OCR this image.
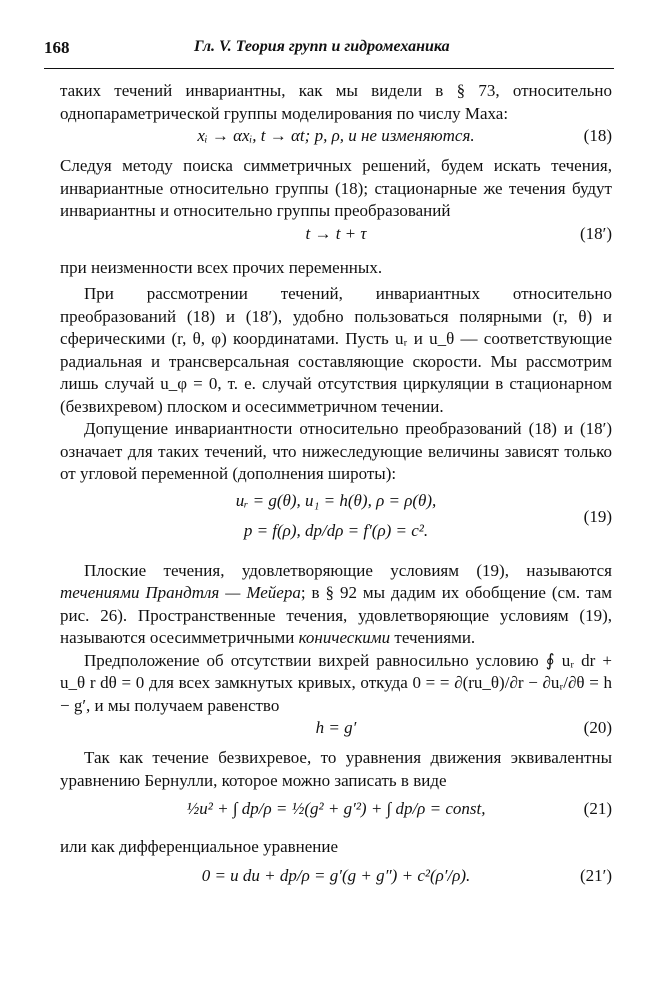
168	Гл. V. Теория групп и гидромеханика

таких течений инвариантны, как мы видели в § 73, относительно однопараметрической группы моделирования по числу Маха:

xᵢ → αxᵢ, t → αt; p, ρ, u не изменяются.	(18)

Следуя методу поиска симметричных решений, будем искать течения, инвариантные относительно группы (18); стационарные же течения будут инвариантны и относительно группы преобразований

t → t + τ	(18′)

при неизменности всех прочих переменных.

При рассмотрении течений, инвариантных относительно преобразований (18) и (18′), удобно пользоваться полярными (r, θ) и сферическими (r, θ, φ) координатами. Пусть uᵣ и u_θ — соответствующие радиальная и трансверсальная составляющие скорости. Мы рассмотрим лишь случай u_φ = 0, т. е. случай отсутствия циркуляции в стационарном (безвихревом) плоском и осесимметричном течении.

Допущение инвариантности относительно преобразований (18) и (18′) означает для таких течений, что нижеследующие величины зависят только от угловой переменной (дополнения широты):

uᵣ = g(θ), u₁ = h(θ), ρ = ρ(θ),
p = f(ρ), dp/dρ = f′(ρ) = c².
(19)

Плоские течения, удовлетворяющие условиям (19), называются течениями Прандтля — Мейера; в § 92 мы дадим их обобщение (см. там рис. 26). Пространственные течения, удовлетворяющие условиям (19), называются осесимметричными коническими течениями.

Предположение об отсутствии вихрей равносильно условию ∮ uᵣ dr + u_θ r dθ = 0 для всех замкнутых кривых, откуда 0 = = ∂(ru_θ)/∂r − ∂uᵣ/∂θ = h − g′, и мы получаем равенство

h = g′	(20)

Так как течение безвихревое, то уравнения движения эквивалентны уравнению Бернулли, которое можно записать в виде

½u² + ∫ dp/ρ = ½(g² + g′²) + ∫ dp/ρ = const,	(21)

или как дифференциальное уравнение

0 = u du + dp/ρ = g′(g + g″) + c²(ρ′/ρ).	(21′)
